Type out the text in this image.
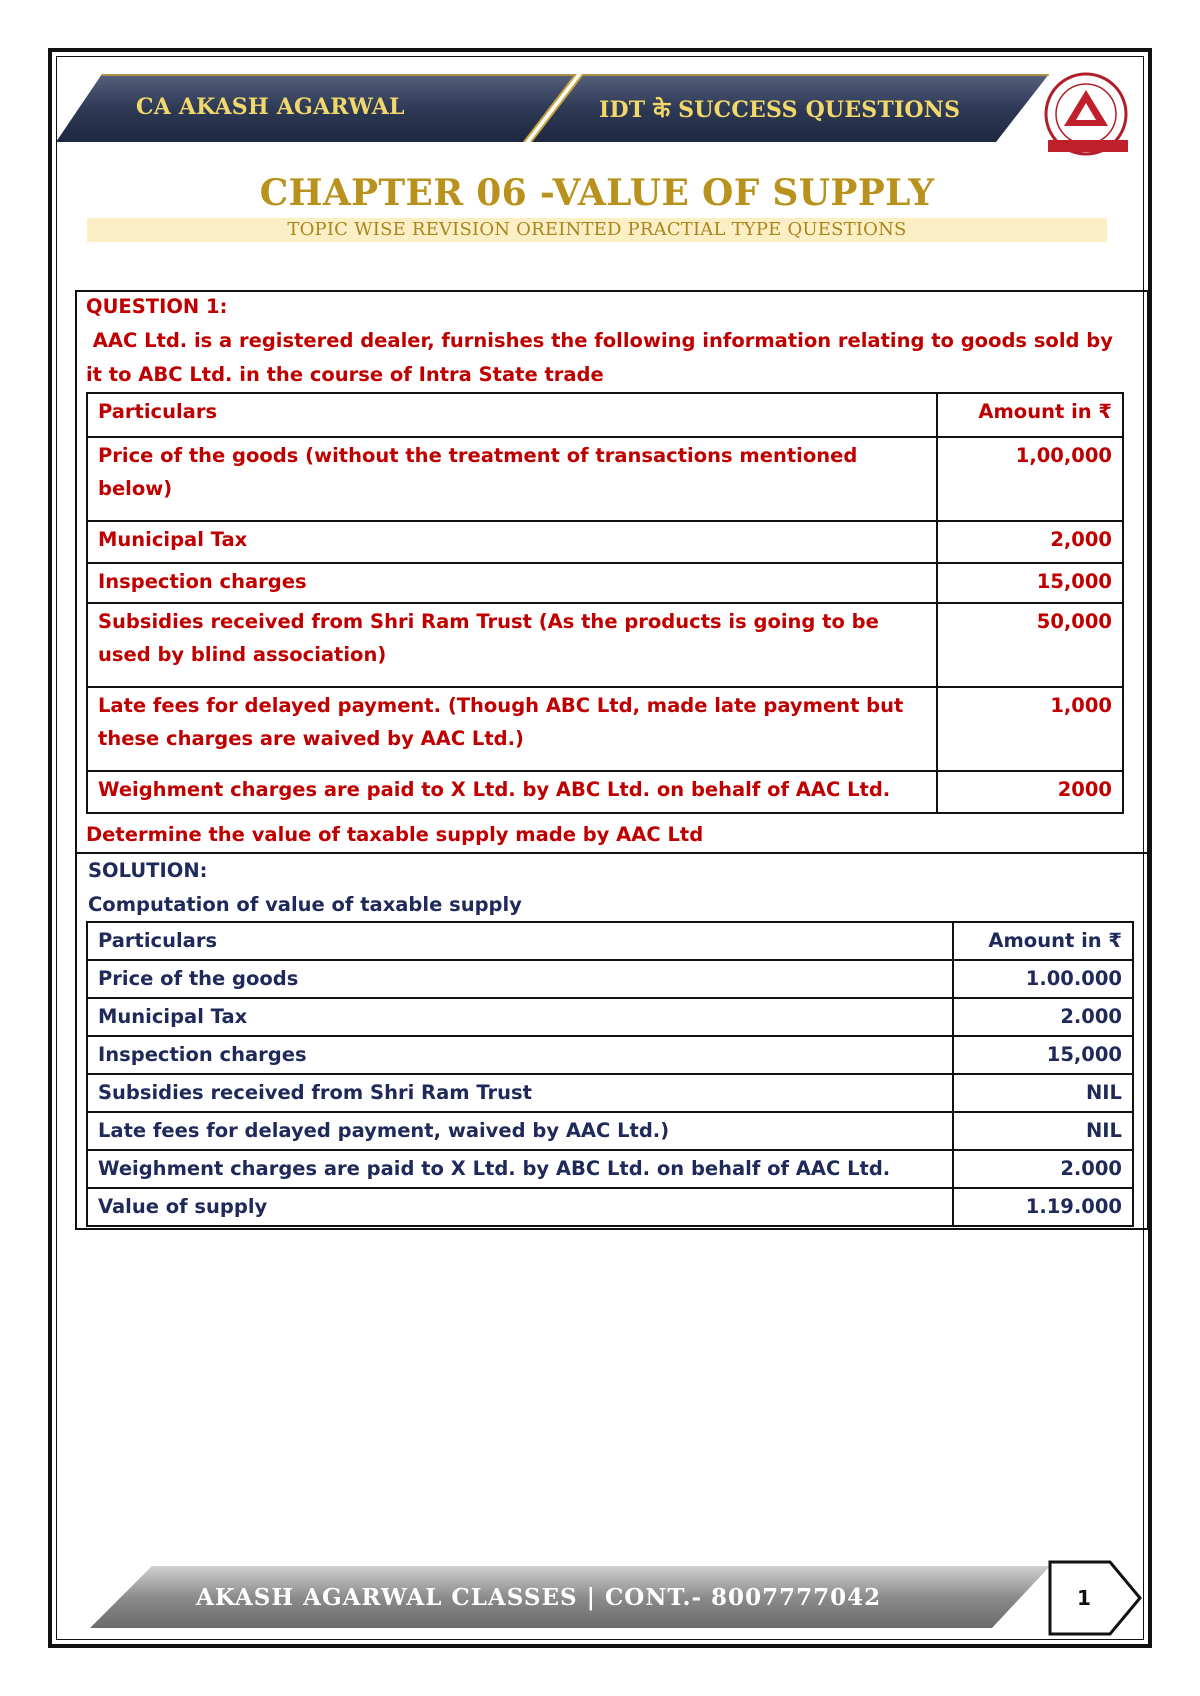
CA AKASH AGARWAL	IDT के SUCCESS QUESTIONS
CHAPTER 06 -VALUE OF SUPPLY
TOPIC WISE REVISION OREINTED PRACTIAL TYPE QUESTIONS
QUESTION 1:
AAC Ltd. is a registered dealer, furnishes the following information relating to goods sold by
it to ABC Ltd. in the course of Intra State trade
Particulars	Amount in ₹
Price of the goods (without the treatment of transactions mentioned below)	1,00,000
Municipal Tax	2,000
Inspection charges	15,000
Subsidies received from Shri Ram Trust (As the products is going to be used by blind association)	50,000
Late fees for delayed payment. (Though ABC Ltd, made late payment but these charges are waived by AAC Ltd.)	1,000
Weighment charges are paid to X Ltd. by ABC Ltd. on behalf of AAC Ltd.	2000
Determine the value of taxable supply made by AAC Ltd
SOLUTION:
Computation of value of taxable supply
Particulars	Amount in ₹
Price of the goods	1.00.000
Municipal Tax	2.000
Inspection charges	15,000
Subsidies received from Shri Ram Trust	NIL
Late fees for delayed payment, waived by AAC Ltd.)	NIL
Weighment charges are paid to X Ltd. by ABC Ltd. on behalf of AAC Ltd.	2.000
Value of supply	1.19.000
AKASH AGARWAL CLASSES | CONT.- 8007777042	1
